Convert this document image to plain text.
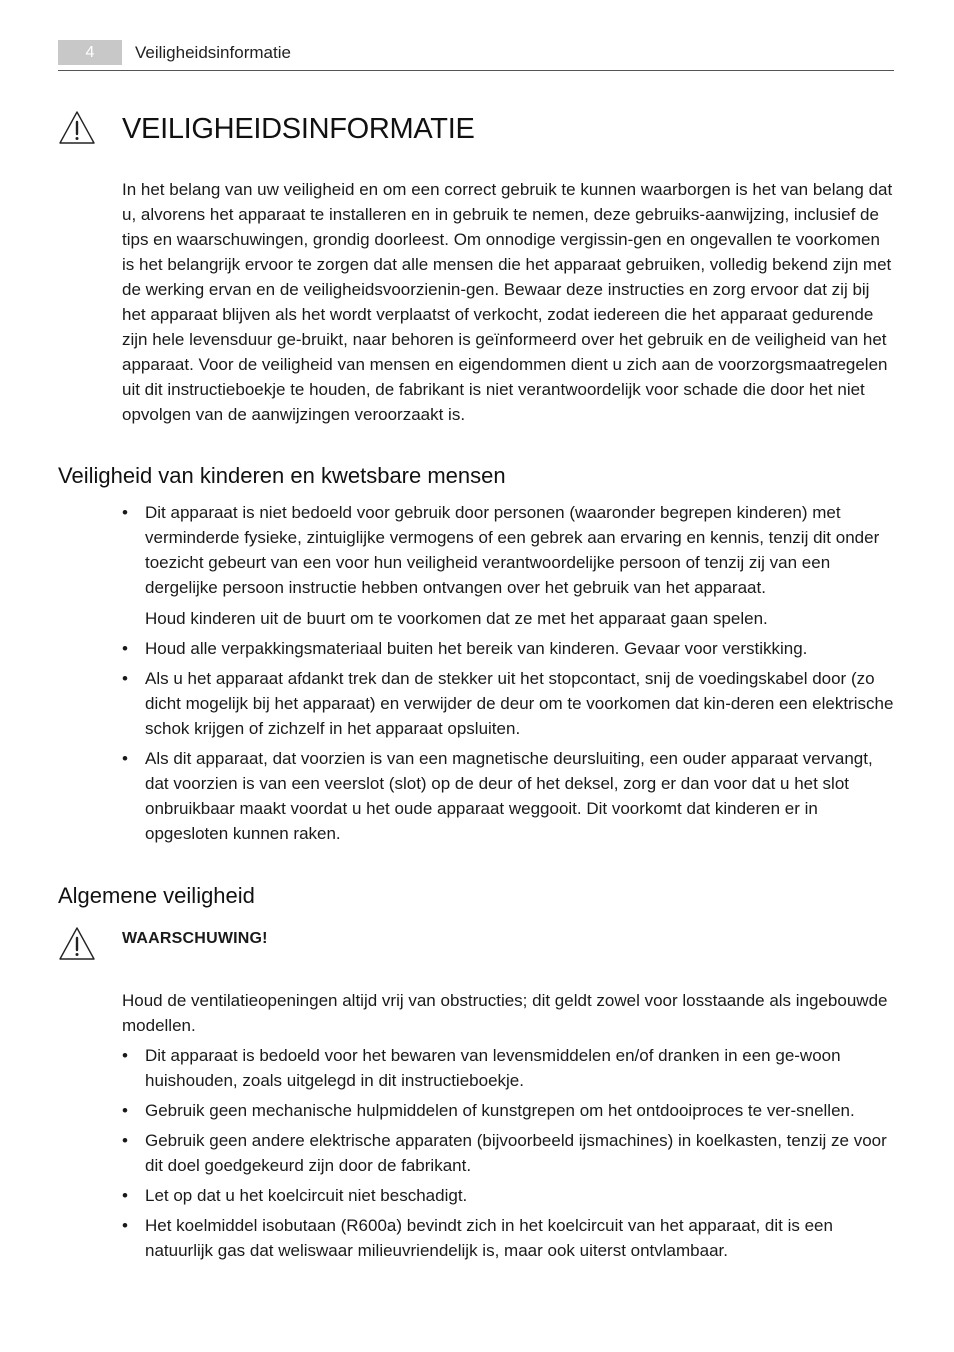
4	Veiligheidsinformatie
VEILIGHEIDSINFORMATIE

In het belang van uw veiligheid en om een correct gebruik te kunnen waarborgen is het van belang dat u, alvorens het apparaat te installeren en in gebruik te nemen, deze gebruiks-aanwijzing, inclusief de tips en waarschuwingen, grondig doorleest. Om onnodige vergissin-gen en ongevallen te voorkomen is het belangrijk ervoor te zorgen dat alle mensen die het apparaat gebruiken, volledig bekend zijn met de werking ervan en de veiligheidsvoorzienin-gen. Bewaar deze instructies en zorg ervoor dat zij bij het apparaat blijven als het wordt verplaatst of verkocht, zodat iedereen die het apparaat gedurende zijn hele levensduur ge-bruikt, naar behoren is geïnformeerd over het gebruik en de veiligheid van het apparaat. Voor de veiligheid van mensen en eigendommen dient u zich aan de voorzorgsmaatregelen uit dit instructieboekje te houden, de fabrikant is niet verantwoordelijk voor schade die door het niet opvolgen van de aanwijzingen veroorzaakt is.

Veiligheid van kinderen en kwetsbare mensen

• Dit apparaat is niet bedoeld voor gebruik door personen (waaronder begrepen kinderen) met verminderde fysieke, zintuiglijke vermogens of een gebrek aan ervaring en kennis, tenzij dit onder toezicht gebeurt van een voor hun veiligheid verantwoordelijke persoon of tenzij zij van een dergelijke persoon instructie hebben ontvangen over het gebruik van het apparaat.

Houd kinderen uit de buurt om te voorkomen dat ze met het apparaat gaan spelen.

• Houd alle verpakkingsmateriaal buiten het bereik van kinderen. Gevaar voor verstikking.

• Als u het apparaat afdankt trek dan de stekker uit het stopcontact, snij de voedingskabel door (zo dicht mogelijk bij het apparaat) en verwijder de deur om te voorkomen dat kin-deren een elektrische schok krijgen of zichzelf in het apparaat opsluiten.

• Als dit apparaat, dat voorzien is van een magnetische deursluiting, een ouder apparaat vervangt, dat voorzien is van een veerslot (slot) op de deur of het deksel, zorg er dan voor dat u het slot onbruikbaar maakt voordat u het oude apparaat weggooit. Dit voorkomt dat kinderen er in opgesloten kunnen raken.

Algemene veiligheid
WAARSCHUWING!

Houd de ventilatieopeningen altijd vrij van obstructies; dit geldt zowel voor losstaande als ingebouwde modellen.

• Dit apparaat is bedoeld voor het bewaren van levensmiddelen en/of dranken in een ge-woon huishouden, zoals uitgelegd in dit instructieboekje.

• Gebruik geen mechanische hulpmiddelen of kunstgrepen om het ontdooiproces te ver-snellen.

• Gebruik geen andere elektrische apparaten (bijvoorbeeld ijsmachines) in koelkasten, tenzij ze voor dit doel goedgekeurd zijn door de fabrikant.

• Let op dat u het koelcircuit niet beschadigt.

• Het koelmiddel isobutaan (R600a) bevindt zich in het koelcircuit van het apparaat, dit is een natuurlijk gas dat weliswaar milieuvriendelijk is, maar ook uiterst ontvlambaar.
